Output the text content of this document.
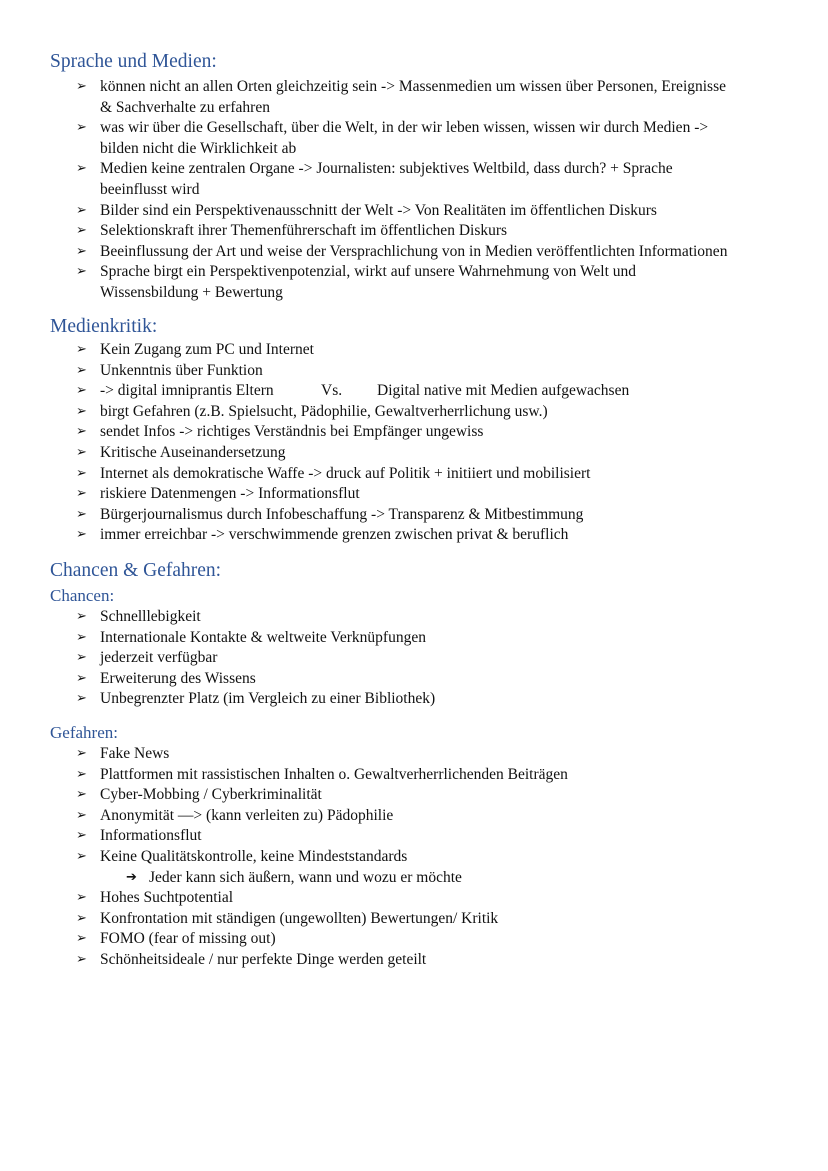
Sprache und Medien:
➢ können nicht an allen Orten gleichzeitig sein -> Massenmedien um wissen über Personen, Ereignisse
& Sachverhalte zu erfahren
➢ was wir über die Gesellschaft, über die Welt, in der wir leben wissen, wissen wir durch Medien ->
bilden nicht die Wirklichkeit ab
➢ Medien keine zentralen Organe -> Journalisten: subjektives Weltbild, dass durch? + Sprache
beeinflusst wird
➢ Bilder sind ein Perspektivenausschnitt der Welt -> Von Realitäten im öffentlichen Diskurs
➢ Selektionskraft ihrer Themenführerschaft im öffentlichen Diskurs
➢ Beeinflussung der Art und weise der Versprachlichung von in Medien veröffentlichten Informationen
➢ Sprache birgt ein Perspektivenpotenzial, wirkt auf unsere Wahrnehmung von Welt und
Wissensbildung + Bewertung
Medienkritik:
➢ Kein Zugang zum PC und Internet
➢ Unkenntnis über Funktion
➢ -> digital imniprantis Eltern	Vs. Digital native mit Medien aufgewachsen
➢ birgt Gefahren (z.B. Spielsucht, Pädophilie, Gewaltverherrlichung usw.)
➢ sendet Infos -> richtiges Verständnis bei Empfänger ungewiss
➢ Kritische Auseinandersetzung
➢ Internet als demokratische Waffe -> druck auf Politik + initiiert und mobilisiert
➢ riskiere Datenmengen -> Informationsflut
➢ Bürgerjournalismus durch Infobeschaffung -> Transparenz & Mitbestimmung
➢ immer erreichbar -> verschwimmende grenzen zwischen privat & beruflich
Chancen & Gefahren:
Chancen:
➢ Schnelllebigkeit
➢ Internationale Kontakte & weltweite Verknüpfungen
➢ jederzeit verfügbar
➢ Erweiterung des Wissens
➢ Unbegrenzter Platz (im Vergleich zu einer Bibliothek)
Gefahren:
➢ Fake News
➢ Plattformen mit rassistischen Inhalten o. Gewaltverherrlichenden Beiträgen
➢ Cyber-Mobbing / Cyberkriminalität
➢ Anonymität —> (kann verleiten zu) Pädophilie
➢ Informationsflut
➢ Keine Qualitätskontrolle, keine Mindeststandards
➔ Jeder kann sich äußern, wann und wozu er möchte
➢ Hohes Suchtpotential
➢ Konfrontation mit ständigen (ungewollten) Bewertungen/ Kritik
➢ FOMO (fear of missing out)
➢ Schönheitsideale / nur perfekte Dinge werden geteilt
